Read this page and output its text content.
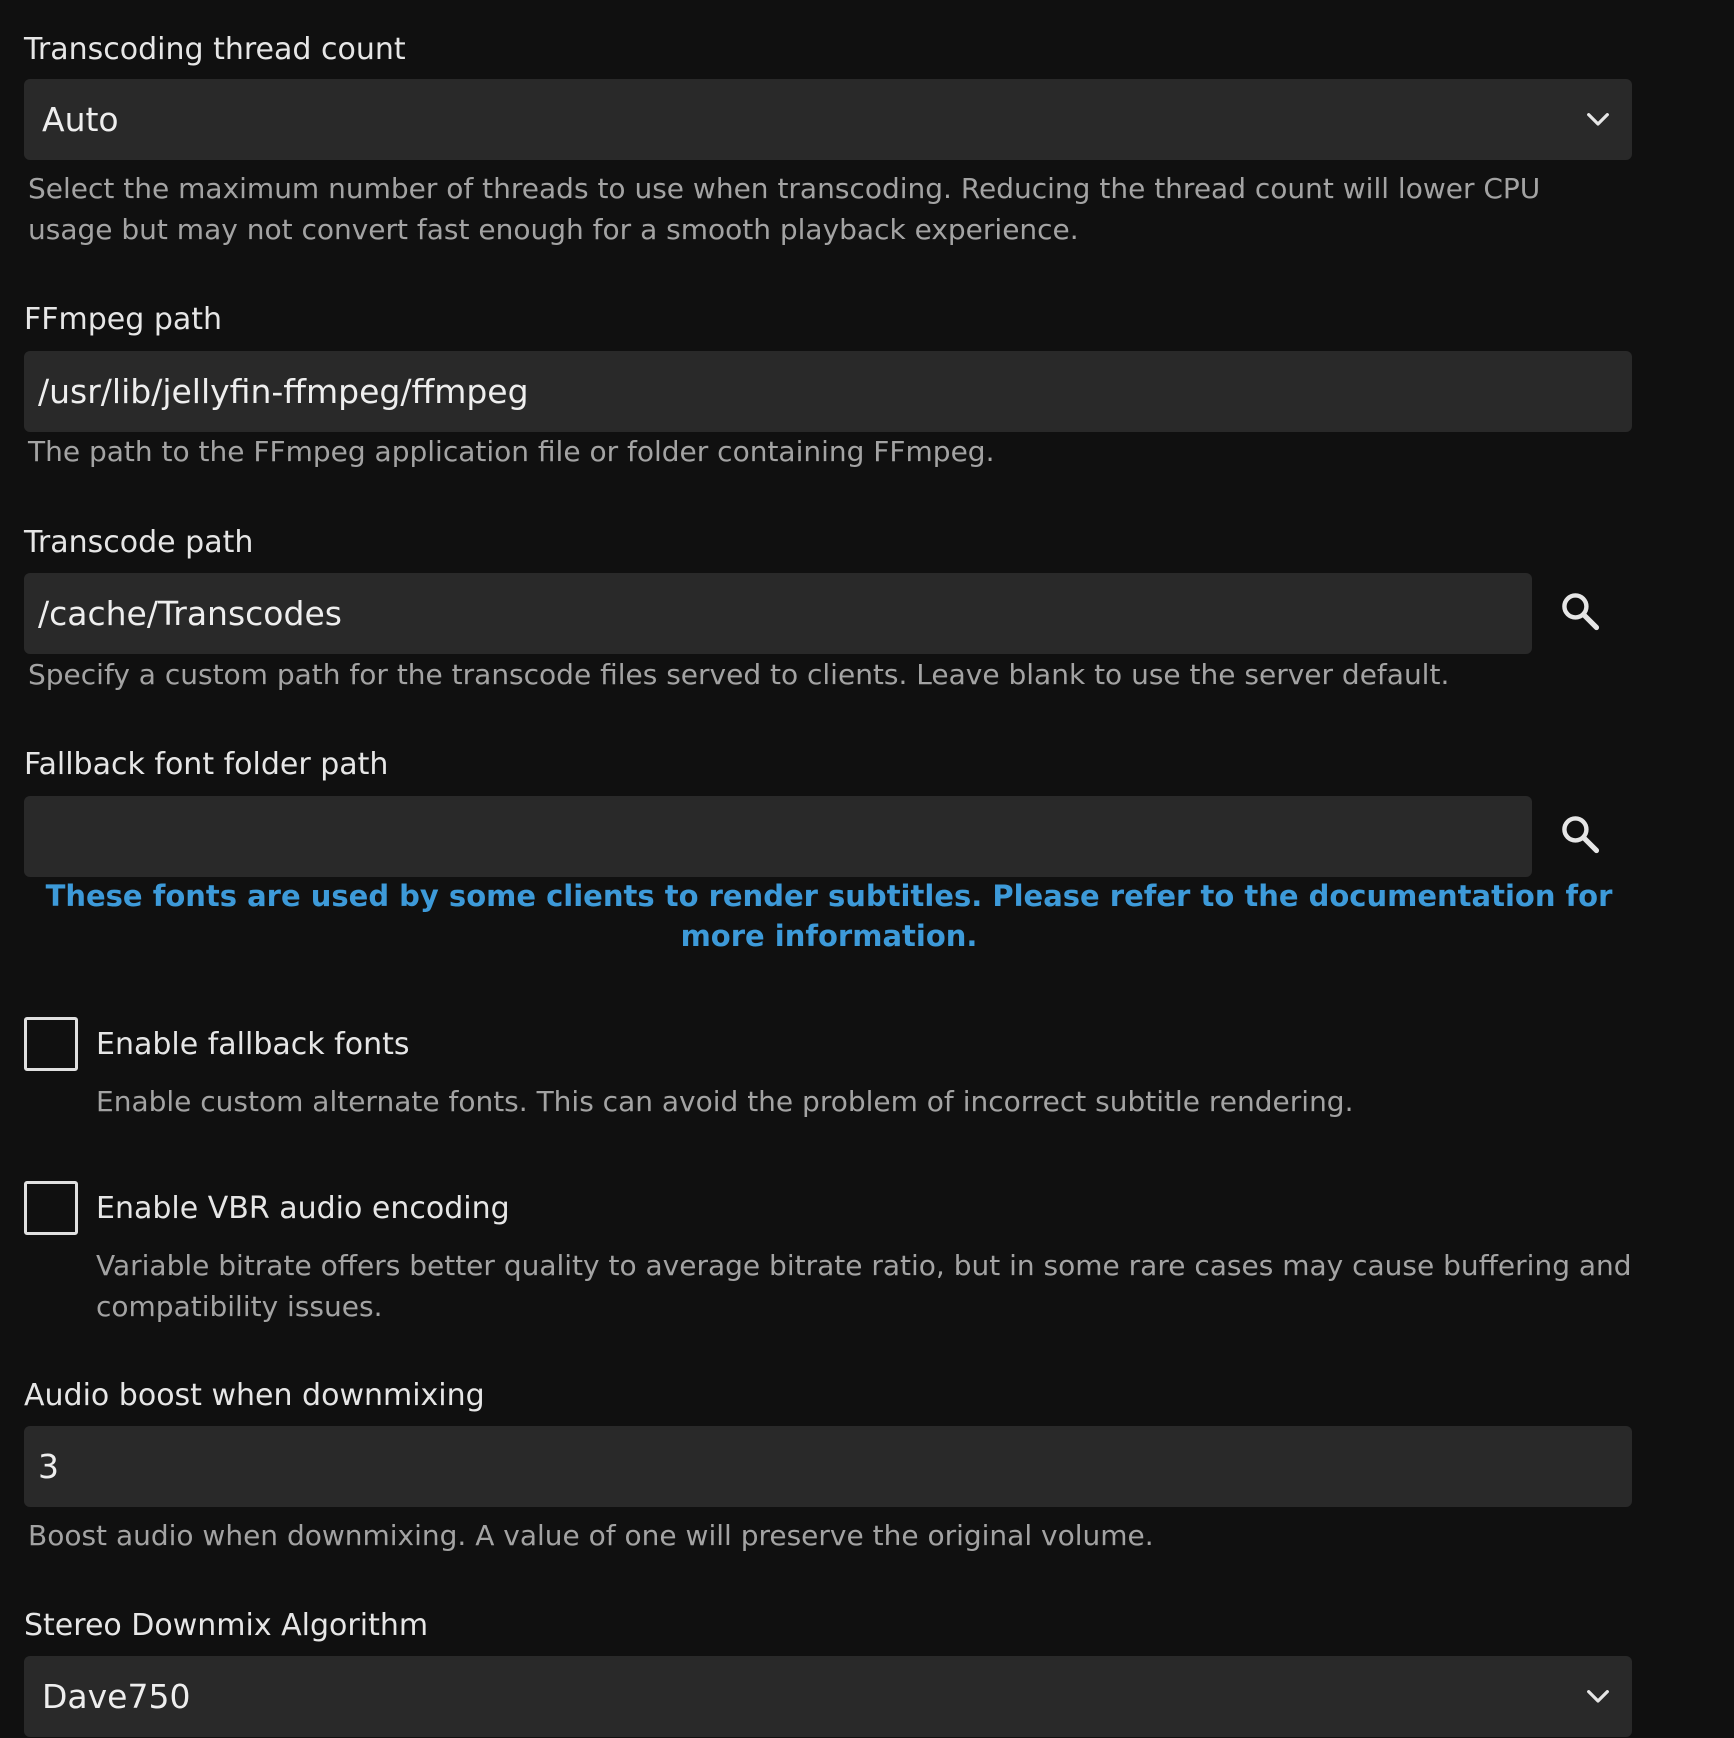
Transcoding thread count
Auto
Select the maximum number of threads to use when transcoding. Reducing the thread count will lower CPU usage but may not convert fast enough for a smooth playback experience.
FFmpeg path
/usr/lib/jellyfin-ffmpeg/ffmpeg
The path to the FFmpeg application file or folder containing FFmpeg.
Transcode path
/cache/Transcodes
Specify a custom path for the transcode files served to clients. Leave blank to use the server default.
Fallback font folder path
These fonts are used by some clients to render subtitles. Please refer to the documentation for more information.
Enable fallback fonts
Enable custom alternate fonts. This can avoid the problem of incorrect subtitle rendering.
Enable VBR audio encoding
Variable bitrate offers better quality to average bitrate ratio, but in some rare cases may cause buffering and compatibility issues.
Audio boost when downmixing
3
Boost audio when downmixing. A value of one will preserve the original volume.
Stereo Downmix Algorithm
Dave750
